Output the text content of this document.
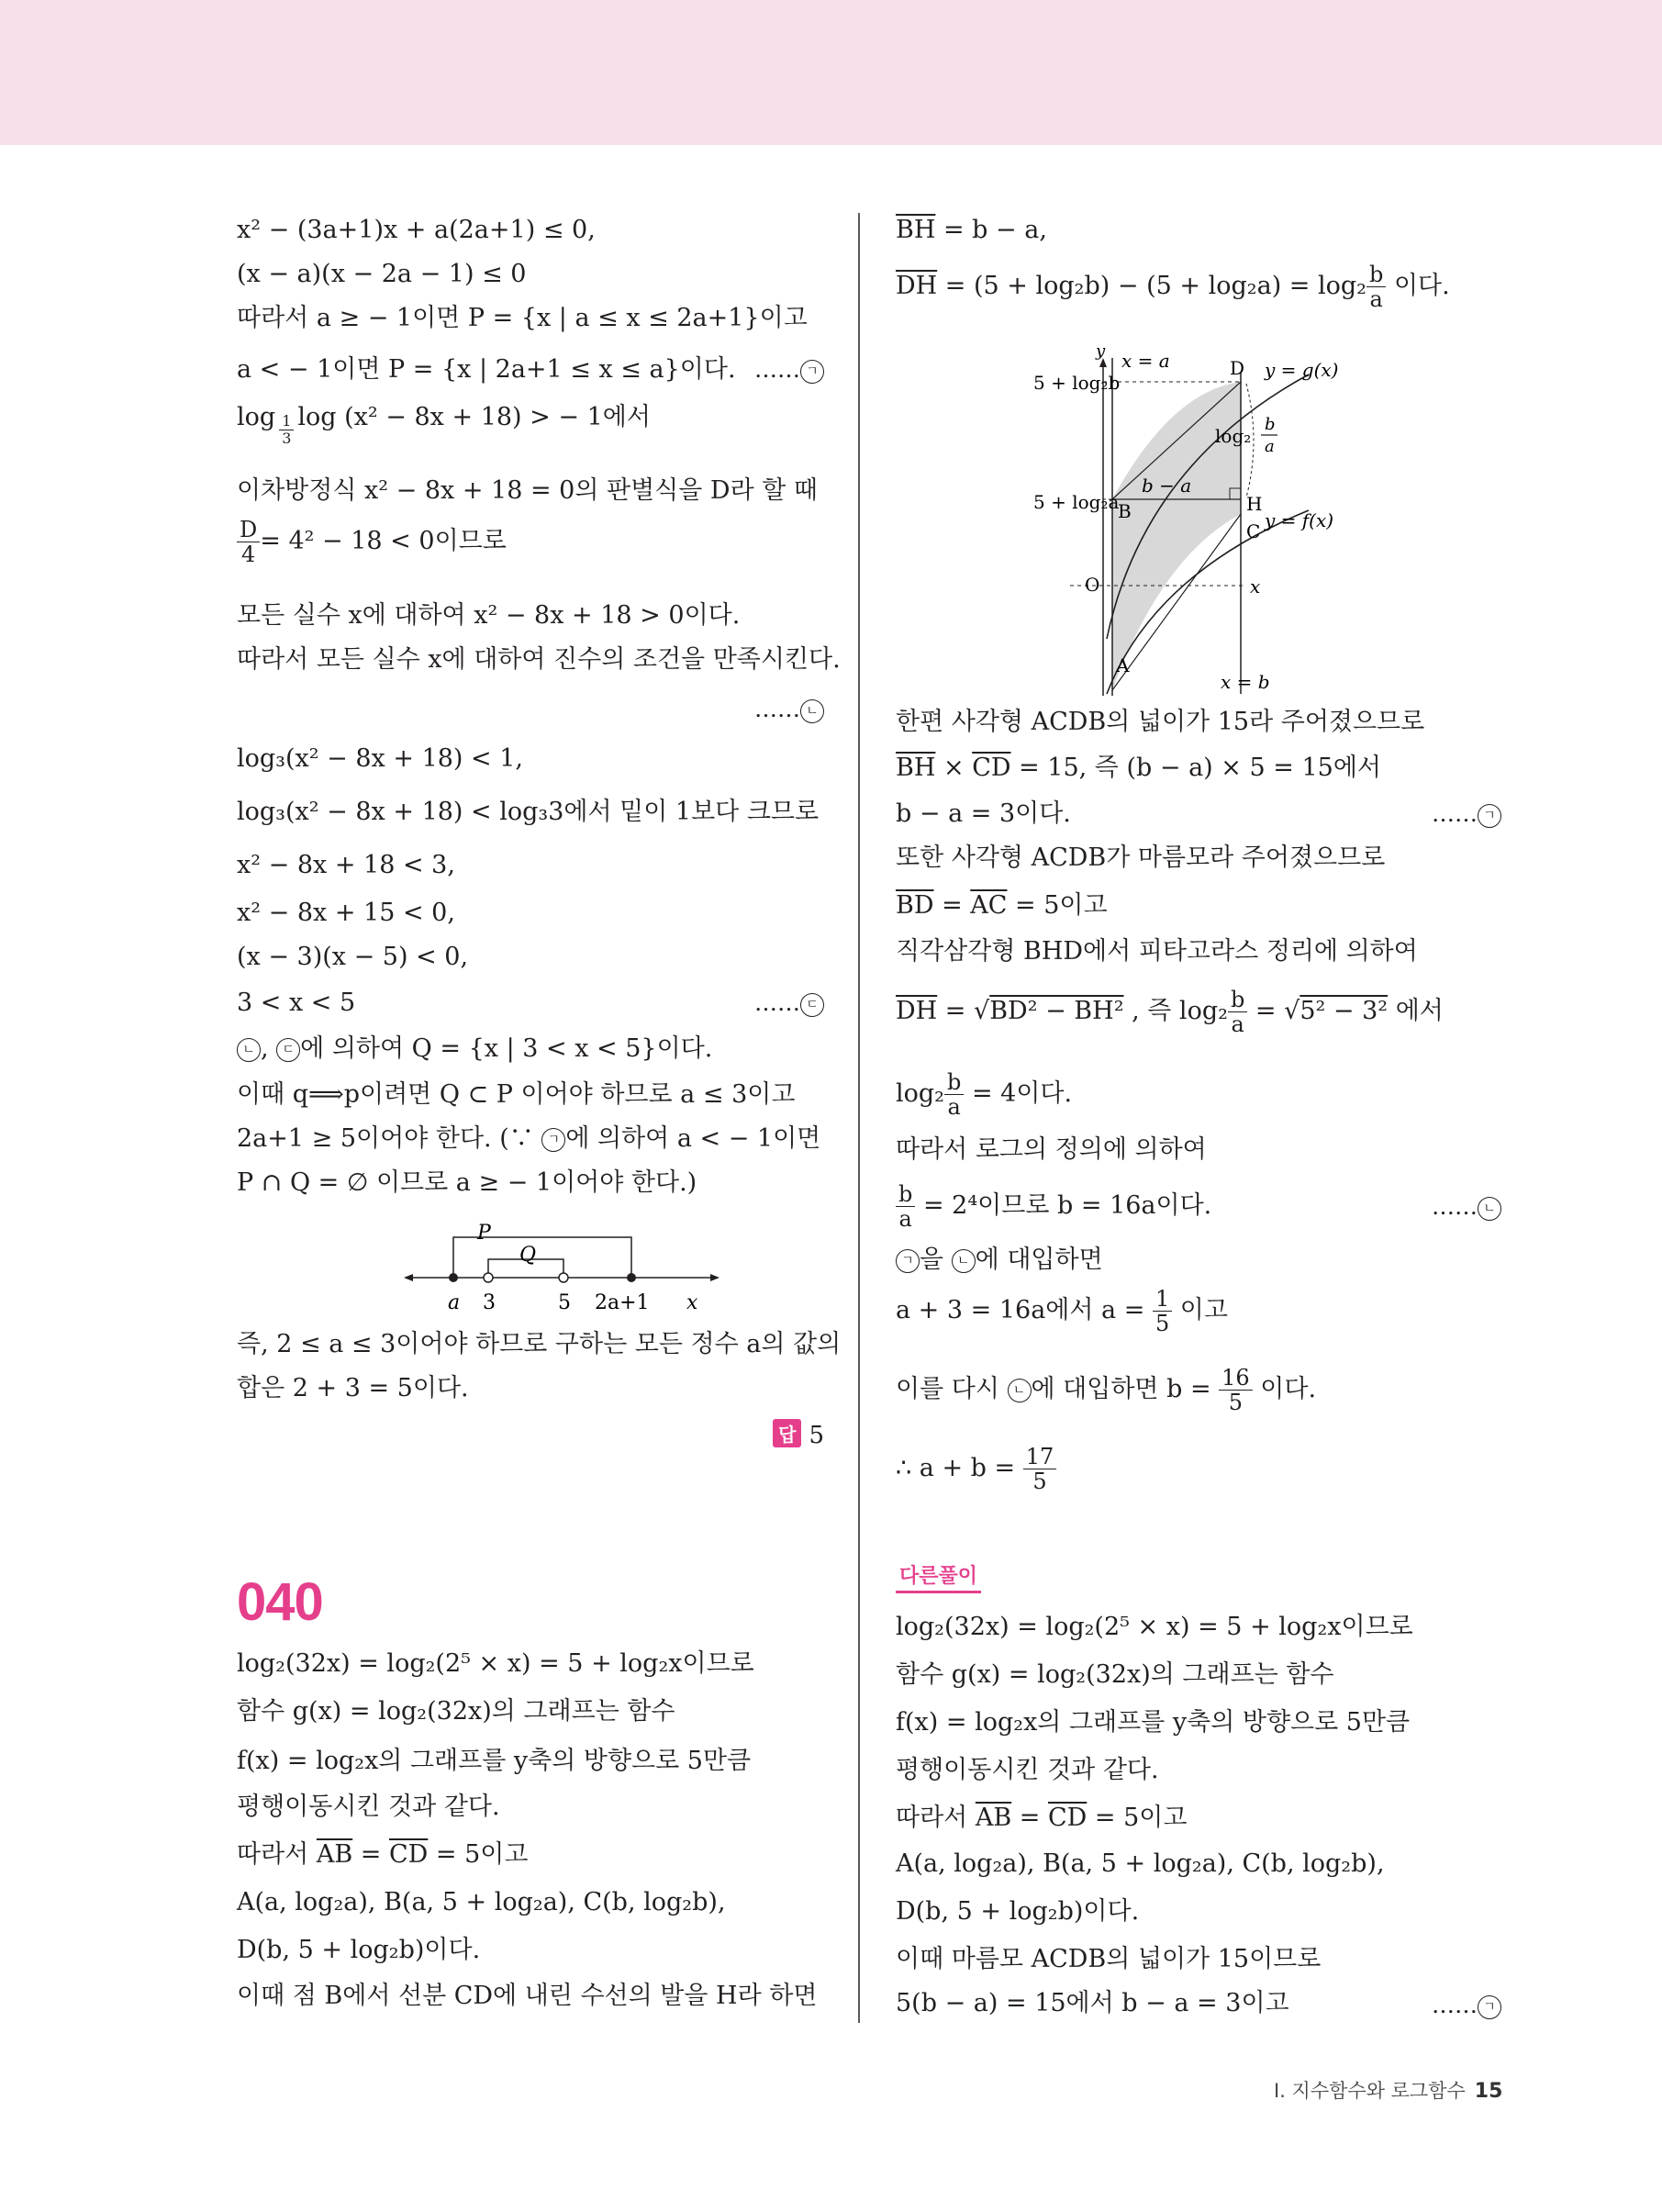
x² − (3a+1)x + a(2a+1) ≤ 0,
(x − a)(x − 2a − 1) ≤ 0
따라서 a ≥ − 1이면 P = {x | a ≤ x ≤ 2a+1}이고
a < − 1이면 P = {x | 2a+1 ≤ x ≤ a}이다. …… ㄱ
$\log \frac{1}{3}$ log (x² − 8x + 18) > − 1에서
이차방정식 x² − 8x + 18 = 0의 판별식을 D라 할 때
$\frac{D}{4} = 4^2 - 18 < 0$이므로
모든 실수 x에 대하여 x² − 8x + 18 > 0이다.
따라서 모든 실수 x에 대하여 진수의 조건을 만족시킨다.
…… ㄴ
log₃(x² − 8x + 18) < 1,
log₃(x² − 8x + 18) < log₃3에서 밑이 1보다 크므로
x² − 8x + 18 < 3,
x² − 8x + 15 < 0,
(x − 3)(x − 5) < 0,
3 < x < 5	…… ㄷ
ㄴ , ㄷ 에 의하여 Q = {x | 3 < x < 5}이다.
이때 q⟹p이려면 Q ⊂ P 이어야 하므로 a ≤ 3이고
2a+1 ≥ 5이어야 한다. (∵ ㄱ 에 의하여 a < − 1이면
P ∩ Q = ∅ 이므로 a ≥ − 1이어야 한다.)
P
Q
a 3	5 2a+1 x
즉, 2 ≤ a ≤ 3이어야 하므로 구하는 모든 정수 a의 값의
합은 2 + 3 = 5이다.
답 5
040
log₂(32x) = log₂(2⁵ × x) = 5 + log₂x이므로
함수 g(x) = log₂(32x)의 그래프는 함수
f(x) = log₂x의 그래프를 y축의 방향으로 5만큼
평행이동시킨 것과 같다.
따라서 $\overline{AB} = \overline{CD} = 5$이고
A(a, log₂a), B(a, 5 + log₂a), C(b, log₂b),
D(b, 5 + log₂b)이다.
이때 점 B에서 선분 CD에 내린 수선의 발을 H라 하면
$\overline{BH} = b - a$,
$\overline{DH} = (5 + \log_2b) - (5 + \log_2a) = \log_2 \frac{b}{a}$ 이다.
y x = a	D y = g(x)
5 + log₂b
log₂
b
a
b − a
5 + log₂a
B	H
y = f(x)
C
O	x
A
x = b
한편 사각형 ACDB의 넓이가 15라 주어졌으므로
$\overline{BH} \times \overline{CD} = 15$, 즉 (b − a) × 5 = 15에서
b − a = 3이다.	…… ㄱ
또한 사각형 ACDB가 마름모라 주어졌으므로
$\overline{BD} = \overline{AC} = 5$이고
직각삼각형 BHD에서 피타고라스 정리에 의하여
$\overline{DH} = √BD^2 - BH^2$ , 즉 $\log_2 \frac{b}{a} = √5^2 - 3^2$ 에서
$\log_2 \frac{b}{a} = 4$이다.
따라서 로그의 정의에 의하여
$\frac{b}{a} = 2^4$이므로 b = 16a이다.	…… ㄴ
ㄱ 을 ㄴ 에 대입하면
a + 3 = 16a에서 $a = \frac{1}{5}$ 이고
이를 다시 ㄴ 에 대입하면 $b = \frac{16}{5}$ 이다.
∴ $a + b = \frac{17}{5}$
다른풀이
log₂(32x) = log₂(2⁵ × x) = 5 + log₂x이므로
함수 g(x) = log₂(32x)의 그래프는 함수
f(x) = log₂x의 그래프를 y축의 방향으로 5만큼
평행이동시킨 것과 같다.
따라서 $\overline{AB} = \overline{CD} = 5$이고
A(a, log₂a), B(a, 5 + log₂a), C(b, log₂b),
D(b, 5 + log₂b)이다.
이때 마름모 ACDB의 넓이가 15이므로
5(b − a) = 15에서 b − a = 3이고	…… ㄱ
I. 지수함수와 로그함수 15
